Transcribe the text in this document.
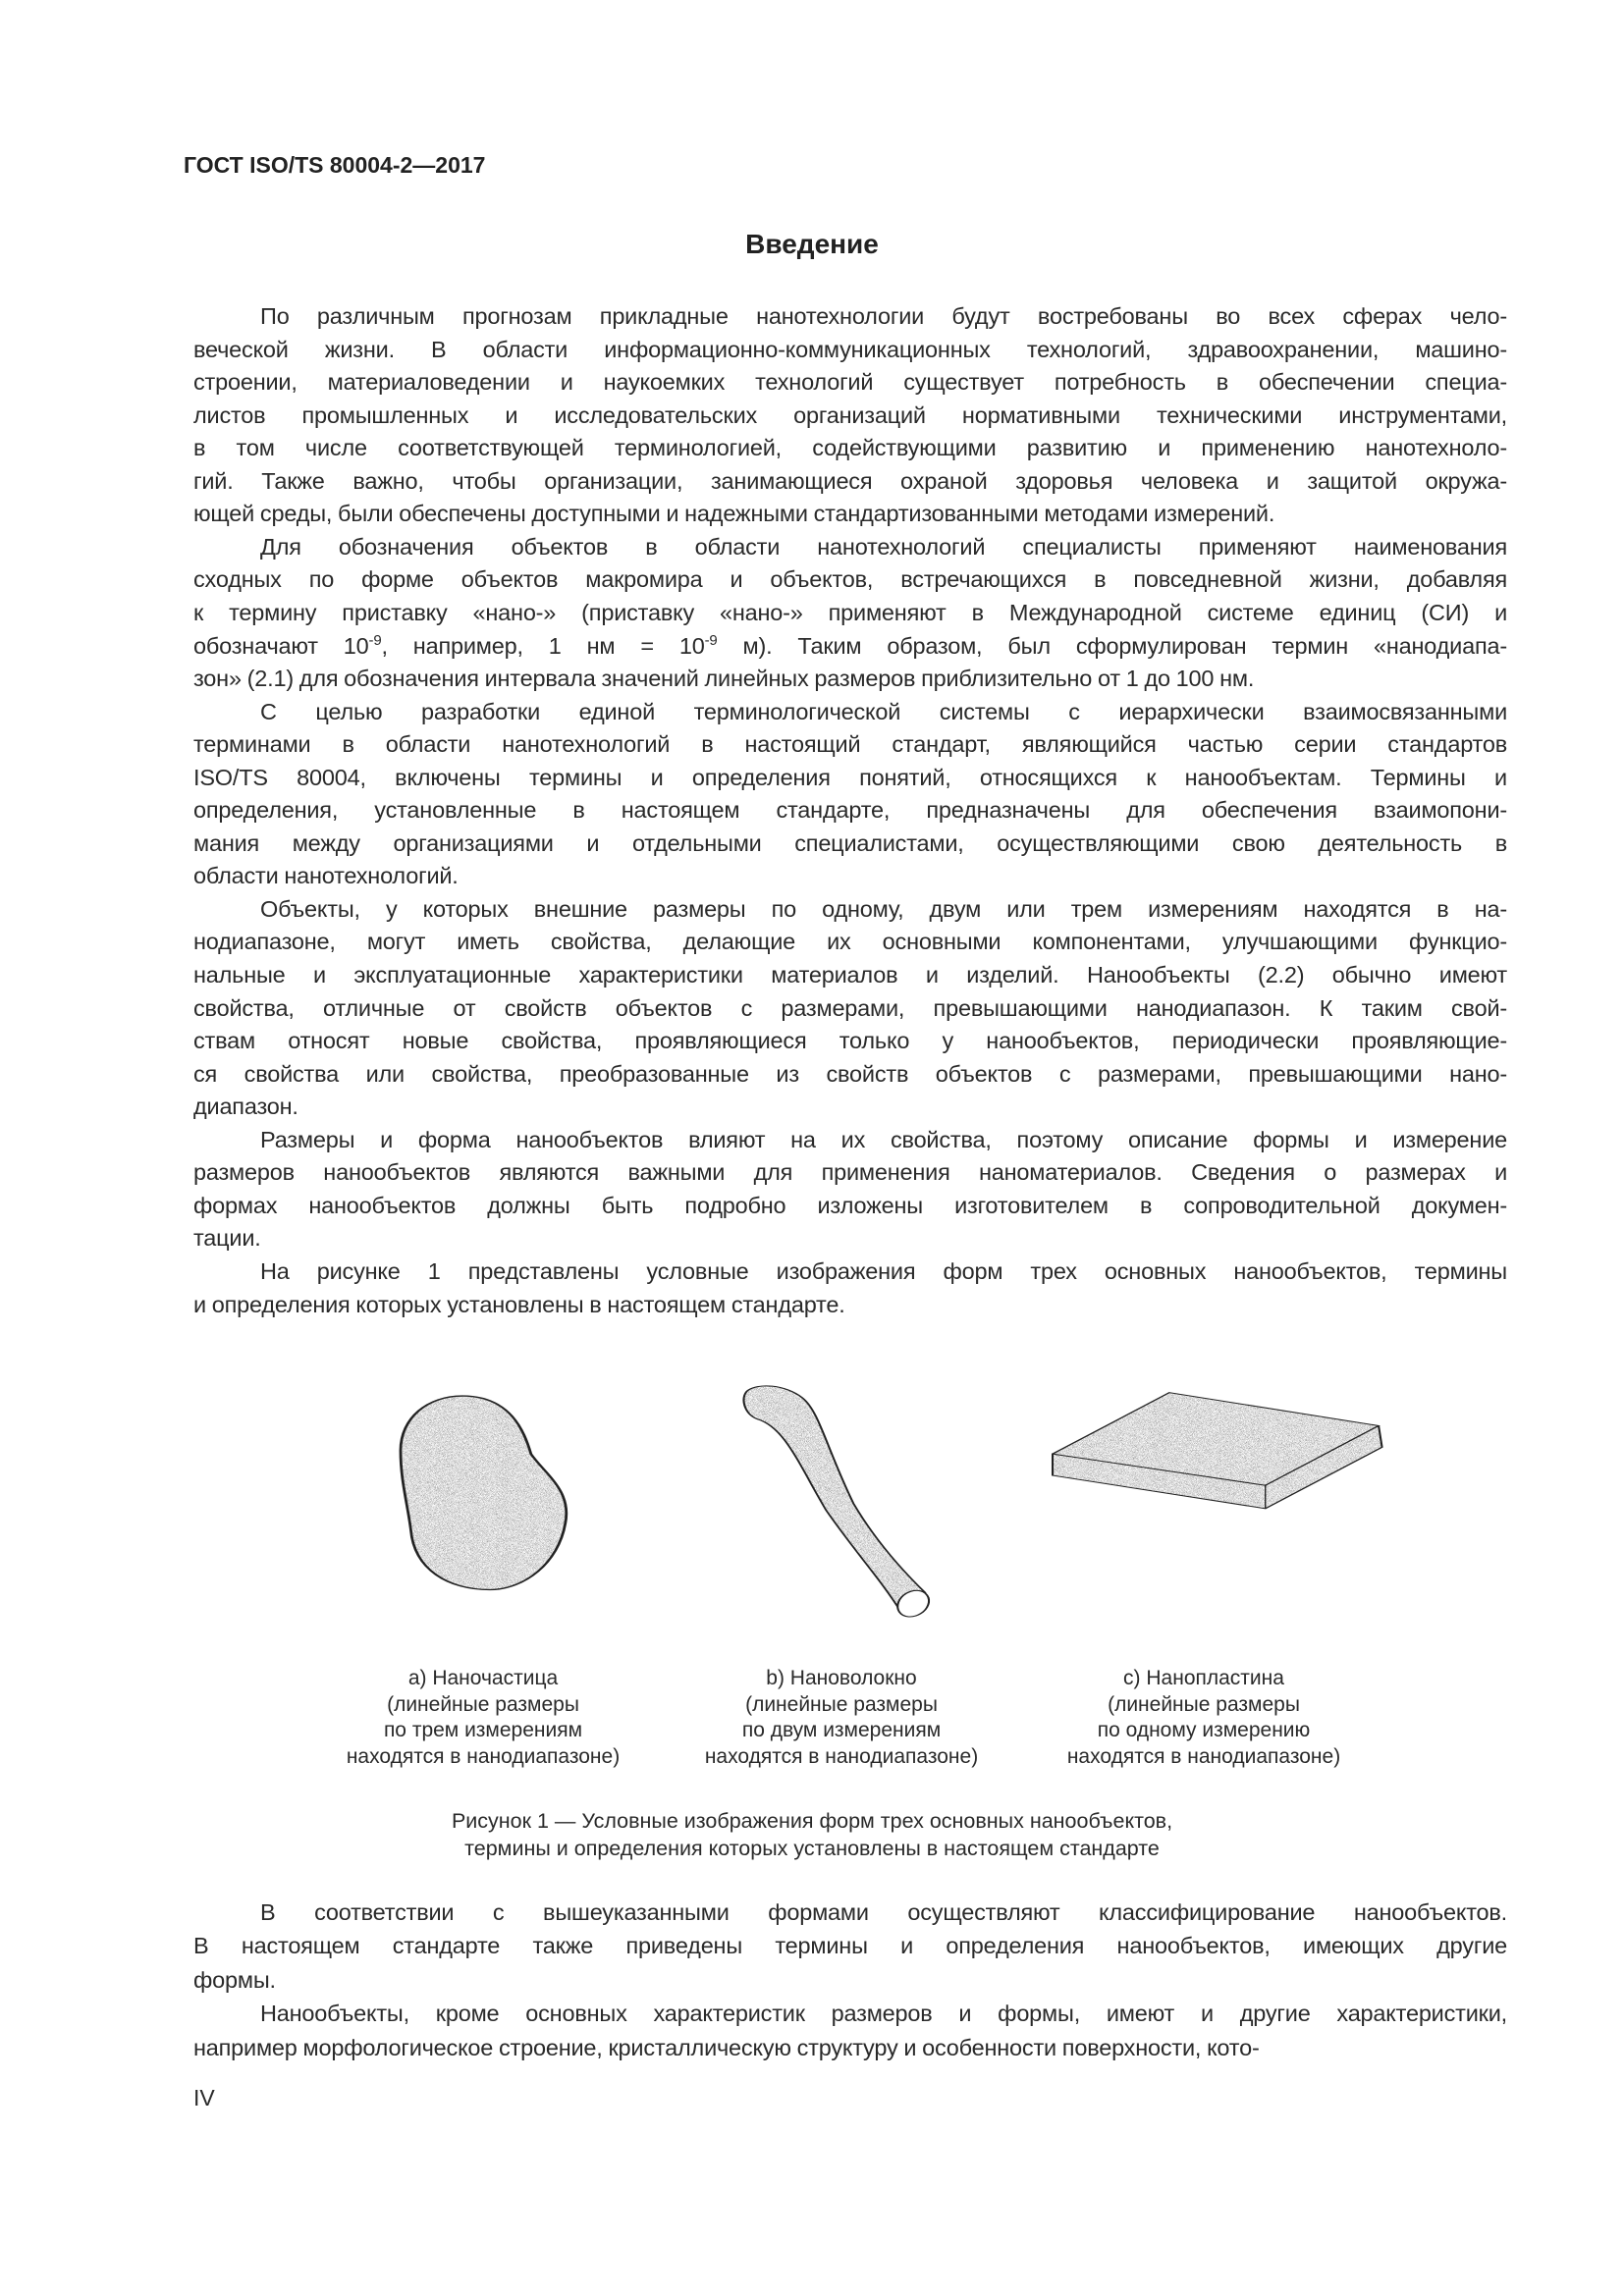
ГОСТ ISO/TS 80004-2—2017
Введение
По различным прогнозам прикладные нанотехнологии будут востребованы во всех сферах чело-
веческой жизни. В области информационно-коммуникационных технологий, здравоохранении, машино-
строении, материаловедении и наукоемких технологий существует потребность в обеспечении специа-
листов промышленных и исследовательских организаций нормативными техническими инструментами,
в том числе соответствующей терминологией, содействующими развитию и применению нанотехноло-
гий. Также важно, чтобы организации, занимающиеся охраной здоровья человека и защитой окружа-
ющей среды, были обеспечены доступными и надежными стандартизованными методами измерений.
Для обозначения объектов в области нанотехнологий специалисты применяют наименования
сходных по форме объектов макромира и объектов, встречающихся в повседневной жизни, добавляя
к термину приставку «нано-» (приставку «нано-» применяют в Международной системе единиц (СИ) и
обозначают $10^{-9}$, например, 1 нм = $10^{-9}$ м). Таким образом, был сформулирован термин «нанодиапа-
зон» (2.1) для обозначения интервала значений линейных размеров приблизительно от 1 до 100 нм.
С целью разработки единой терминологической системы с иерархически взаимосвязанными
терминами в области нанотехнологий в настоящий стандарт, являющийся частью серии стандартов
ISO/TS 80004, включены термины и определения понятий, относящихся к нанообъектам. Термины и
определения, установленные в настоящем стандарте, предназначены для обеспечения взаимопони-
мания между организациями и отдельными специалистами, осуществляющими свою деятельность в
области нанотехнологий.
Объекты, у которых внешние размеры по одному, двум или трем измерениям находятся в на-
нодиапазоне, могут иметь свойства, делающие их основными компонентами, улучшающими функцио-
нальные и эксплуатационные характеристики материалов и изделий. Нанообъекты (2.2) обычно имеют
свойства, отличные от свойств объектов с размерами, превышающими нанодиапазон. К таким свой-
ствам относят новые свойства, проявляющиеся только у нанообъектов, периодически проявляющие-
ся свойства или свойства, преобразованные из свойств объектов с размерами, превышающими нано-
диапазон.
Размеры и форма нанообъектов влияют на их свойства, поэтому описание формы и измерение
размеров нанообъектов являются важными для применения наноматериалов. Сведения о размерах и
формах нанообъектов должны быть подробно изложены изготовителем в сопроводительной докумен-
тации.
На рисунке 1 представлены условные изображения форм трех основных нанообъектов, термины
и определения которых установлены в настоящем стандарте.
а) Наночастица
(линейные размеры
по трем измерениям
находятся в нанодиапазоне)
b) Нановолокно
(линейные размеры
по двум измерениям
находятся в нанодиапазоне)
с) Нанопластина
(линейные размеры
по одному измерению
находятся в нанодиапазоне)
Рисунок 1 — Условные изображения форм трех основных нанообъектов,
термины и определения которых установлены в настоящем стандарте
В соответствии с вышеуказанными формами осуществляют классифицирование нанообъектов.
В настоящем стандарте также приведены термины и определения нанообъектов, имеющих другие
формы.
Нанообъекты, кроме основных характеристик размеров и формы, имеют и другие характеристики,
например морфологическое строение, кристаллическую структуру и особенности поверхности, кото-
IV
